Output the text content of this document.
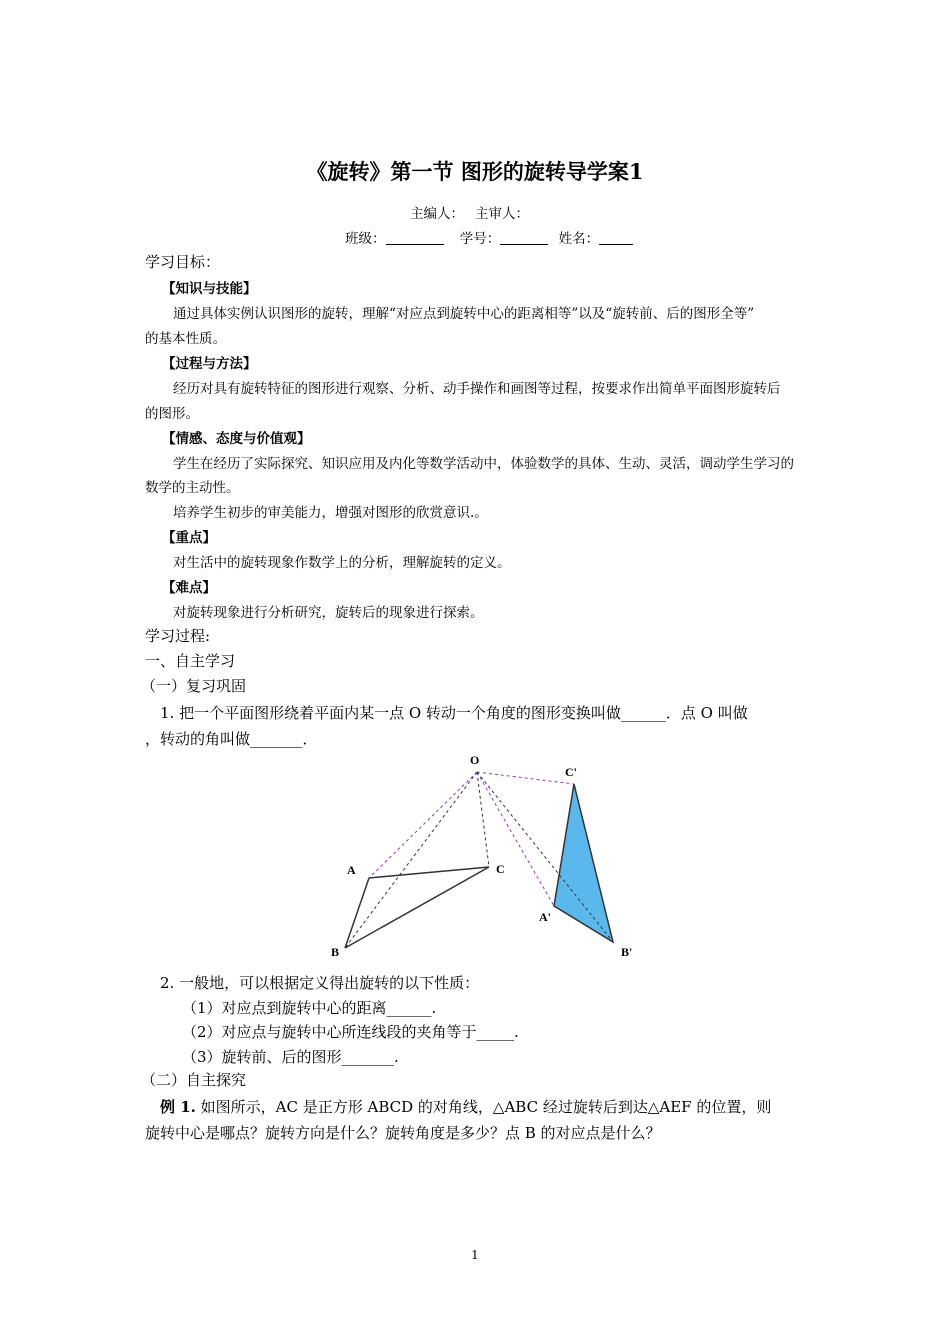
《旋转》第一节 图形的旋转导学案1
主编人：　 主审人：
班级：	学号：	姓名：
学习目标：
【知识与技能】
通过具体实例认识图形的旋转，理解“对应点到旋转中心的距离相等”以及“旋转前、后的图形全等”
的基本性质。
【过程与方法】
经历对具有旋转特征的图形进行观察、分析、动手操作和画图等过程，按要求作出简单平面图形旋转后
的图形。
【情感、态度与价值观】
学生在经历了实际探究、知识应用及内化等数学活动中，体验数学的具体、生动、灵活，调动学生学习的
数学的主动性。
培养学生初步的审美能力，增强对图形的欣赏意识.。
【重点】
对生活中的旋转现象作数学上的分析，理解旋转的定义。
【难点】
对旋转现象进行分析研究，旋转后的现象进行探索。
学习过程:
一、自主学习
（一）复习巩固
1. 把一个平面图形绕着平面内某一点 O 转动一个角度的图形变换叫做______．点 O 叫做
，转动的角叫做_______．
O
A
B
C
A'
B'
C'
2. 一般地，可以根据定义得出旋转的以下性质：
（1）对应点到旋转中心的距离______.
（2）对应点与旋转中心所连线段的夹角等于_____.
（3）旋转前、后的图形_______.
（二）自主探究
例 1. 如图所示，AC 是正方形 ABCD 的对角线，△ABC 经过旋转后到达△AEF 的位置，则
旋转中心是哪点？旋转方向是什么？旋转角度是多少？点 B 的对应点是什么？
1
